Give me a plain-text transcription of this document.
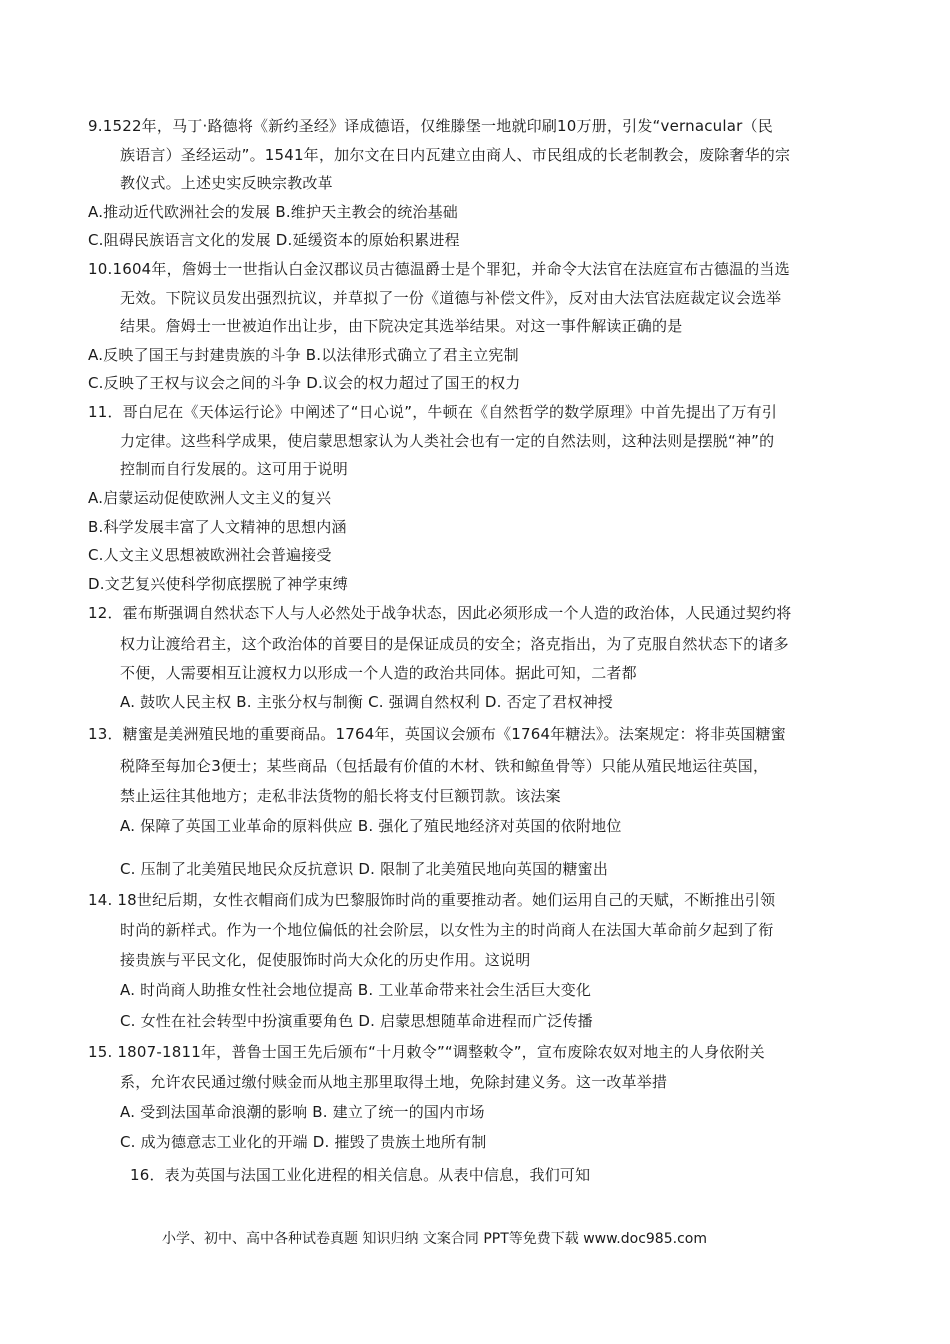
9.1522年，马丁·路德将《新约圣经》译成德语，仅维滕堡一地就印刷10万册，引发“vernacular（民
族语言）圣经运动”。1541年，加尔文在日内瓦建立由商人、市民组成的长老制教会，废除奢华的宗
教仪式。上述史实反映宗教改革
A.推动近代欧洲社会的发展 B.维护天主教会的统治基础
C.阻碍民族语言文化的发展 D.延缓资本的原始积累进程
10.1604年，詹姆士一世指认白金汉郡议员古德温爵士是个罪犯，并命令大法官在法庭宣布古德温的当选
无效。下院议员发出强烈抗议，并草拟了一份《道德与补偿文件》，反对由大法官法庭裁定议会选举
结果。詹姆士一世被迫作出让步，由下院决定其选举结果。对这一事件解读正确的是
A.反映了国王与封建贵族的斗争 B.以法律形式确立了君主立宪制
C.反映了王权与议会之间的斗争 D.议会的权力超过了国王的权力
11．哥白尼在《天体运行论》中阐述了“日心说”，牛顿在《自然哲学的数学原理》中首先提出了万有引
力定律。这些科学成果，使启蒙思想家认为人类社会也有一定的自然法则，这种法则是摆脱“神”的
控制而自行发展的。这可用于说明
A.启蒙运动促使欧洲人文主义的复兴
B.科学发展丰富了人文精神的思想内涵
C.人文主义思想被欧洲社会普遍接受
D.文艺复兴使科学彻底摆脱了神学束缚
12．霍布斯强调自然状态下人与人必然处于战争状态，因此必须形成一个人造的政治体，人民通过契约将
权力让渡给君主，这个政治体的首要目的是保证成员的安全；洛克指出，为了克服自然状态下的诸多
不便，人需要相互让渡权力以形成一个人造的政治共同体。据此可知，二者都
A. 鼓吹人民主权 B. 主张分权与制衡 C. 强调自然权利 D. 否定了君权神授
13．糖蜜是美洲殖民地的重要商品。1764年，英国议会颁布《1764年糖法》。法案规定：将非英国糖蜜
税降至每加仑3便士；某些商品（包括最有价值的木材、铁和鲸鱼骨等）只能从殖民地运往英国，
禁止运往其他地方；走私非法货物的船长将支付巨额罚款。该法案
A. 保障了英国工业革命的原料供应 B. 强化了殖民地经济对英国的依附地位
C. 压制了北美殖民地民众反抗意识 D. 限制了北美殖民地向英国的糖蜜出
14. 18世纪后期，女性衣帽商们成为巴黎服饰时尚的重要推动者。她们运用自己的天赋，不断推出引领
时尚的新样式。作为一个地位偏低的社会阶层，以女性为主的时尚商人在法国大革命前夕起到了衔
接贵族与平民文化，促使服饰时尚大众化的历史作用。这说明
A. 时尚商人助推女性社会地位提高 B. 工业革命带来社会生活巨大变化
C. 女性在社会转型中扮演重要角色 D. 启蒙思想随革命进程而广泛传播
15. 1807-1811年，普鲁士国王先后颁布“十月敕令”“调整敕令”，宣布废除农奴对地主的人身依附关
系，允许农民通过缴付赎金而从地主那里取得土地，免除封建义务。这一改革举措
A. 受到法国革命浪潮的影响 B. 建立了统一的国内市场
C. 成为德意志工业化的开端 D. 摧毁了贵族土地所有制
16．表为英国与法国工业化进程的相关信息。从表中信息，我们可知
小学、初中、高中各种试卷真题 知识归纳 文案合同 PPT等免费下载 www.doc985.com
